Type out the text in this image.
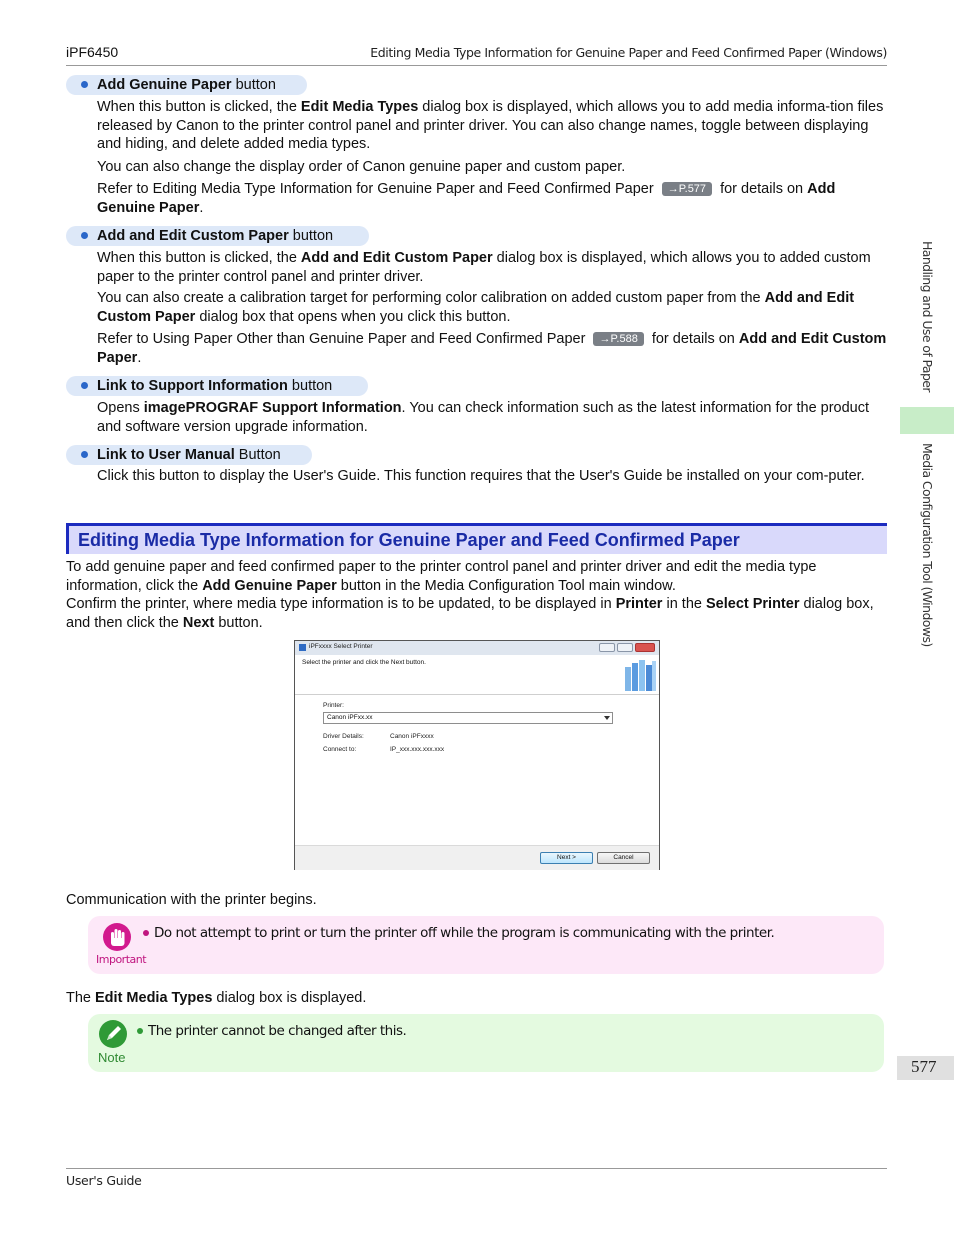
iPF6450	Editing Media Type Information for Genuine Paper and Feed Confirmed Paper (Windows)
Add Genuine Paper button
When this button is clicked, the Edit Media Types dialog box is displayed, which allows you to add media informa-tion files released by Canon to the printer control panel and printer driver. You can also change names, toggle between displaying and hiding, and delete added media types.
You can also change the display order of Canon genuine paper and custom paper.
Refer to Editing Media Type Information for Genuine Paper and Feed Confirmed Paper →P.577 for details on Add Genuine Paper.
Add and Edit Custom Paper button
When this button is clicked, the Add and Edit Custom Paper dialog box is displayed, which allows you to added custom paper to the printer control panel and printer driver.
You can also create a calibration target for performing color calibration on added custom paper from the Add and Edit Custom Paper dialog box that opens when you click this button.
Refer to Using Paper Other than Genuine Paper and Feed Confirmed Paper →P.588 for details on Add and Edit Custom Paper.
Link to Support Information button
Opens imagePROGRAF Support Information. You can check information such as the latest information for the product and software version upgrade information.
Link to User Manual Button
Click this button to display the User's Guide. This function requires that the User's Guide be installed on your com-puter.
Editing Media Type Information for Genuine Paper and Feed Confirmed Paper
To add genuine paper and feed confirmed paper to the printer control panel and printer driver and edit the media type information, click the Add Genuine Paper button in the Media Configuration Tool main window.
Confirm the printer, where media type information is to be updated, to be displayed in Printer in the Select Printer dialog box, and then click the Next button.
iPFxxxx Select Printer
Select the printer and click the Next button.
Printer:
Canon iPFxx.xx
Driver Details:	Canon iPFxxxx
Connect to:	IP_xxx.xxx.xxx.xxx
Next >	Cancel
Communication with the printer begins.
Important
Do not attempt to print or turn the printer off while the program is communicating with the printer.
The Edit Media Types dialog box is displayed.
Note
The printer cannot be changed after this.
Handling and Use of Paper
Media Configuration Tool (Windows)
577
User's Guide
